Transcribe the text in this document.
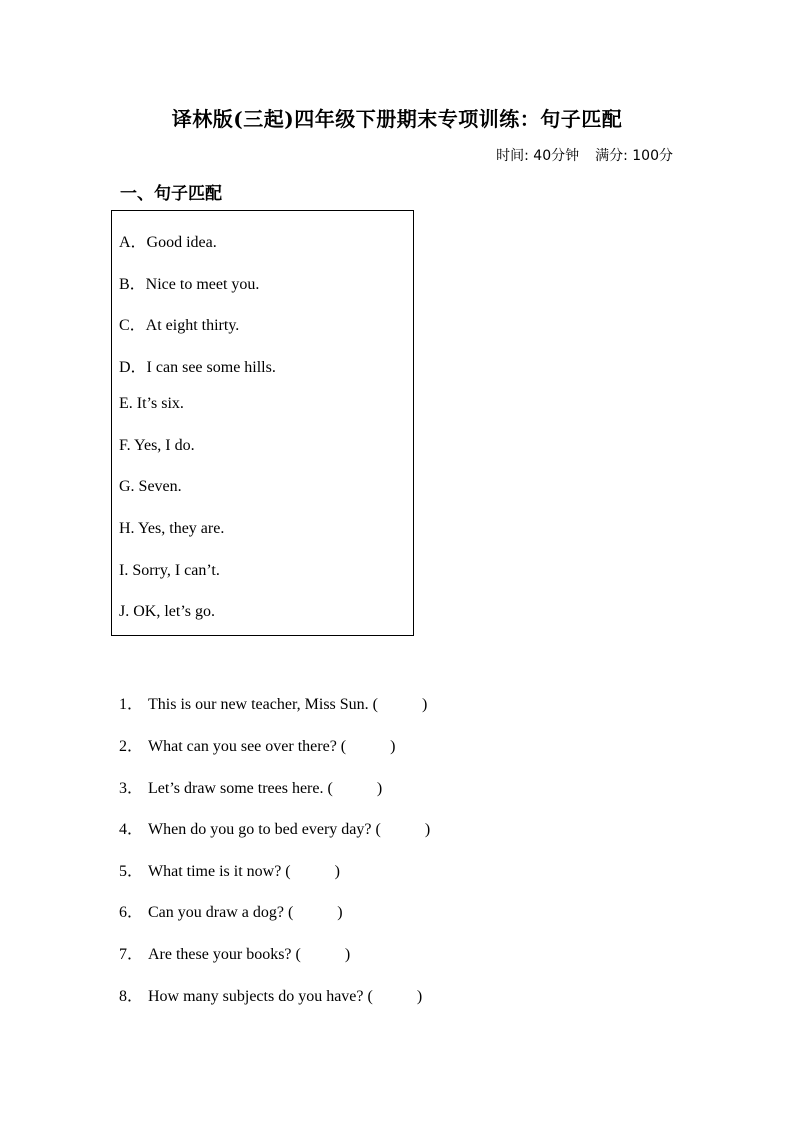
译林版(三起)四年级下册期末专项训练：句子匹配
时间: 40分钟 满分: 100分
一、句子匹配
A．Good idea.
B．Nice to meet you.
C．At eight thirty.
D．I can see some hills.
E. It’s six.
F. Yes, I do.
G. Seven.
H. Yes, they are.
I. Sorry, I can’t.
J. OK, let’s go.
1． This is our new teacher, Miss Sun. (	)
2． What can you see over there? (	)
3． Let’s draw some trees here. (	)
4． When do you go to bed every day? (	)
5． What time is it now? (	)
6． Can you draw a dog? (	)
7． Are these your books? (	)
8． How many subjects do you have? (	)
